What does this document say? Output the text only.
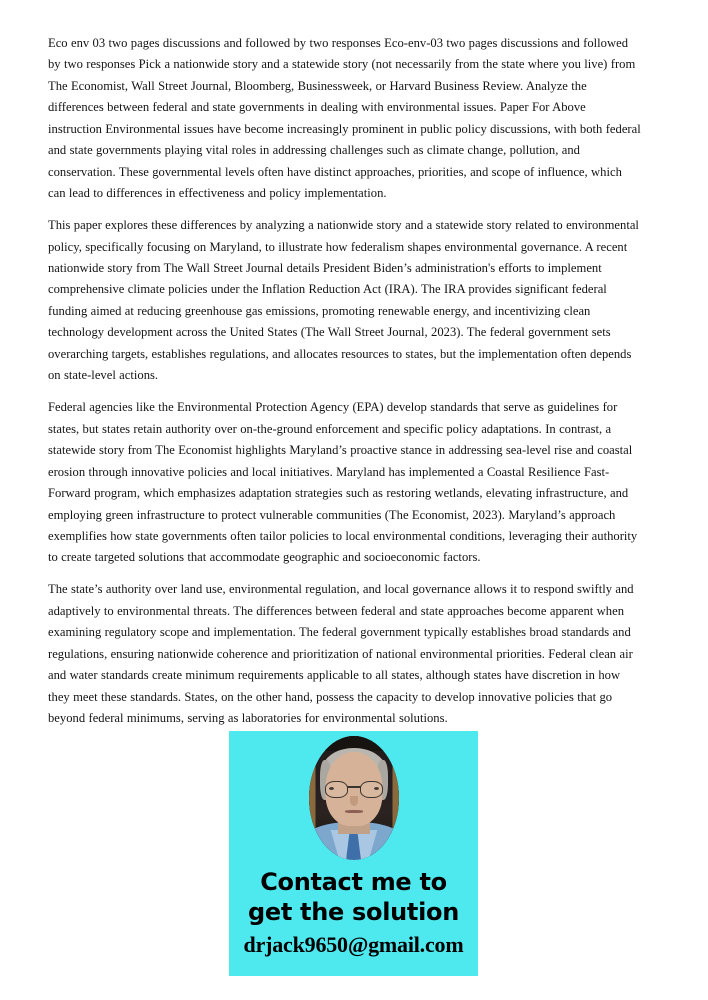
Eco env 03 two pages discussions and followed by two responses Eco-env-03 two pages discussions and followed by two responses Pick a nationwide story and a statewide story (not necessarily from the state where you live) from The Economist, Wall Street Journal, Bloomberg, Businessweek, or Harvard Business Review. Analyze the differences between federal and state governments in dealing with environmental issues. Paper For Above instruction Environmental issues have become increasingly prominent in public policy discussions, with both federal and state governments playing vital roles in addressing challenges such as climate change, pollution, and conservation. These governmental levels often have distinct approaches, priorities, and scope of influence, which can lead to differences in effectiveness and policy implementation.

This paper explores these differences by analyzing a nationwide story and a statewide story related to environmental policy, specifically focusing on Maryland, to illustrate how federalism shapes environmental governance. A recent nationwide story from The Wall Street Journal details President Biden’s administration's efforts to implement comprehensive climate policies under the Inflation Reduction Act (IRA). The IRA provides significant federal funding aimed at reducing greenhouse gas emissions, promoting renewable energy, and incentivizing clean technology development across the United States (The Wall Street Journal, 2023). The federal government sets overarching targets, establishes regulations, and allocates resources to states, but the implementation often depends on state-level actions.

Federal agencies like the Environmental Protection Agency (EPA) develop standards that serve as guidelines for states, but states retain authority over on-the-ground enforcement and specific policy adaptations. In contrast, a statewide story from The Economist highlights Maryland’s proactive stance in addressing sea-level rise and coastal erosion through innovative policies and local initiatives. Maryland has implemented a Coastal Resilience Fast-Forward program, which emphasizes adaptation strategies such as restoring wetlands, elevating infrastructure, and employing green infrastructure to protect vulnerable communities (The Economist, 2023). Maryland’s approach exemplifies how state governments often tailor policies to local environmental conditions, leveraging their authority to create targeted solutions that accommodate geographic and socioeconomic factors.

The state’s authority over land use, environmental regulation, and local governance allows it to respond swiftly and adaptively to environmental threats. The differences between federal and state approaches become apparent when examining regulatory scope and implementation. The federal government typically establishes broad standards and regulations, ensuring nationwide coherence and prioritization of national environmental priorities. Federal clean air and water standards create minimum requirements applicable to all states, although states have discretion in how they meet these standards. States, on the other hand, possess the capacity to develop innovative policies that go beyond federal minimums, serving as laboratories for environmental solutions.

Contact me to
get the solution
drjack9650@gmail.com
